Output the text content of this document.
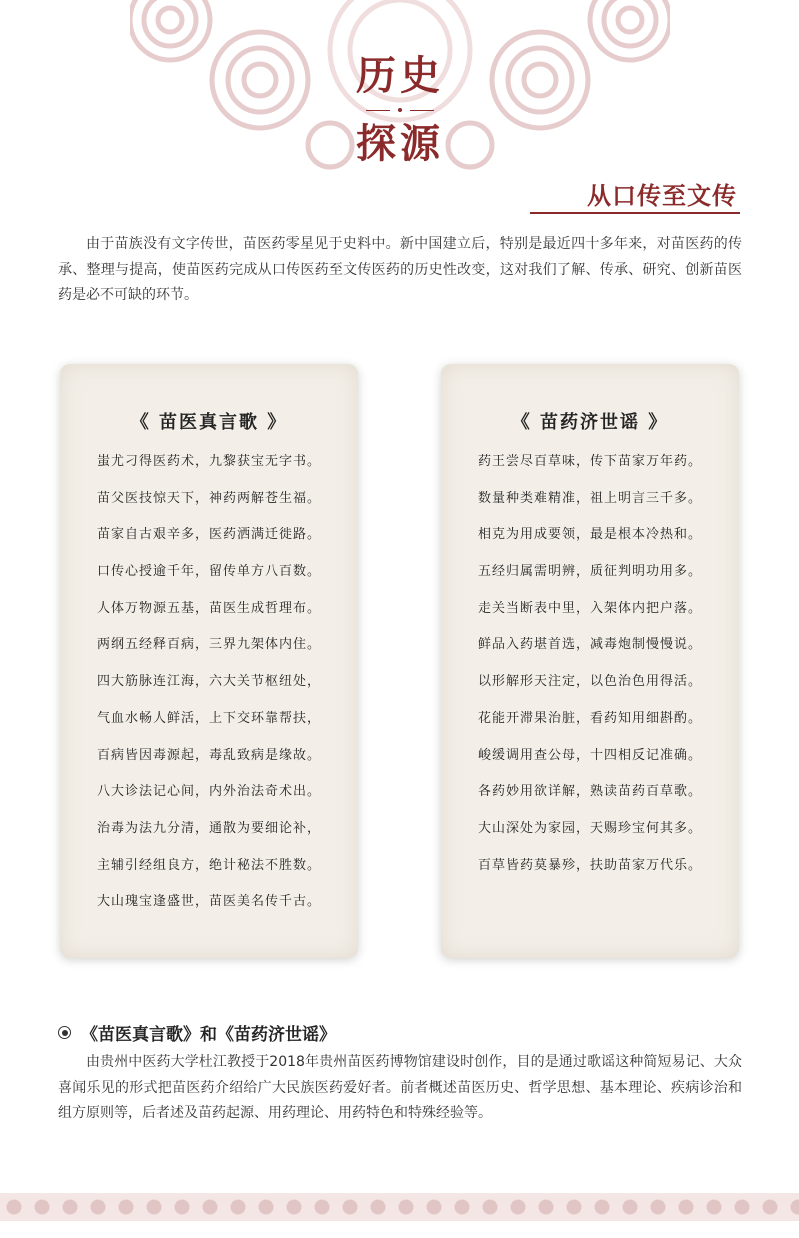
历史
探源
从口传至文传

由于苗族没有文字传世，苗医药零星见于史料中。新中国建立后，特别是最近四十多年来，对苗医药的传承、整理与提高，使苗医药完成从口传医药至文传医药的历史性改变，这对我们了解、传承、研究、创新苗医药是必不可缺的环节。

《 苗医真言歌 》
蚩尤刁得医药术，九黎获宝无字书。
苗父医技惊天下，神药两解苍生福。
苗家自古艰辛多，医药洒满迁徙路。
口传心授逾千年，留传单方八百数。
人体万物源五基，苗医生成哲理布。
两纲五经释百病，三界九架体内住。
四大筋脉连江海，六大关节枢纽处，
气血水畅人鲜活，上下交环靠帮扶，
百病皆因毒源起，毒乱致病是缘故。
八大诊法记心间，内外治法奇术出。
治毒为法九分清，通散为要细论补，
主辅引经组良方，绝计秘法不胜数。
大山瑰宝逢盛世，苗医美名传千古。
《 苗药济世谣 》
药王尝尽百草味，传下苗家万年药。
数量种类难精准，祖上明言三千多。
相克为用成要领，最是根本冷热和。
五经归属需明辨，质征判明功用多。
走关当断表中里，入架体内把户落。
鲜品入药堪首选，减毒炮制慢慢说。
以形解形天注定，以色治色用得活。
花能开滞果治脏，看药知用细斟酌。
峻缓调用查公母，十四相反记准确。
各药妙用欲详解，熟读苗药百草歌。
大山深处为家园，天赐珍宝何其多。
百草皆药莫暴殄，扶助苗家万代乐。
《苗医真言歌》和《苗药济世谣》

由贵州中医药大学杜江教授于2018年贵州苗医药博物馆建设时创作，目的是通过歌谣这种简短易记、大众喜闻乐见的形式把苗医药介绍给广大民族医药爱好者。前者概述苗医历史、哲学思想、基本理论、疾病诊治和组方原则等，后者述及苗药起源、用药理论、用药特色和特殊经验等。
